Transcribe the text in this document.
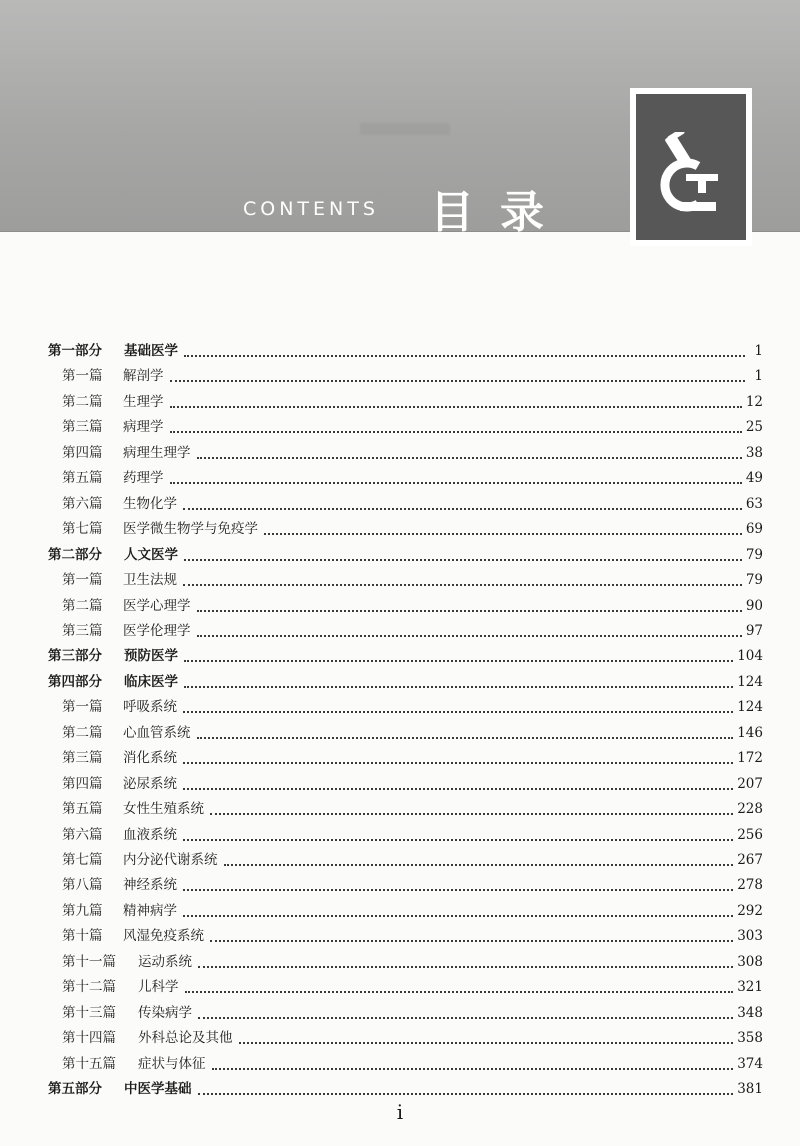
CONTENTS 目录
第一部分	基础医学	1
第一篇	解剖学	1
第二篇	生理学	12
第三篇	病理学	25
第四篇	病理生理学	38
第五篇	药理学	49
第六篇	生物化学	63
第七篇	医学微生物学与免疫学	69
第二部分	人文医学	79
第一篇	卫生法规	79
第二篇	医学心理学	90
第三篇	医学伦理学	97
第三部分	预防医学	104
第四部分	临床医学	124
第一篇	呼吸系统	124
第二篇	心血管系统	146
第三篇	消化系统	172
第四篇	泌尿系统	207
第五篇	女性生殖系统	228
第六篇	血液系统	256
第七篇	内分泌代谢系统	267
第八篇	神经系统	278
第九篇	精神病学	292
第十篇	风湿免疫系统	303
第十一篇	运动系统	308
第十二篇	儿科学	321
第十三篇	传染病学	348
第十四篇	外科总论及其他	358
第十五篇	症状与体征	374
第五部分	中医学基础	381
i
